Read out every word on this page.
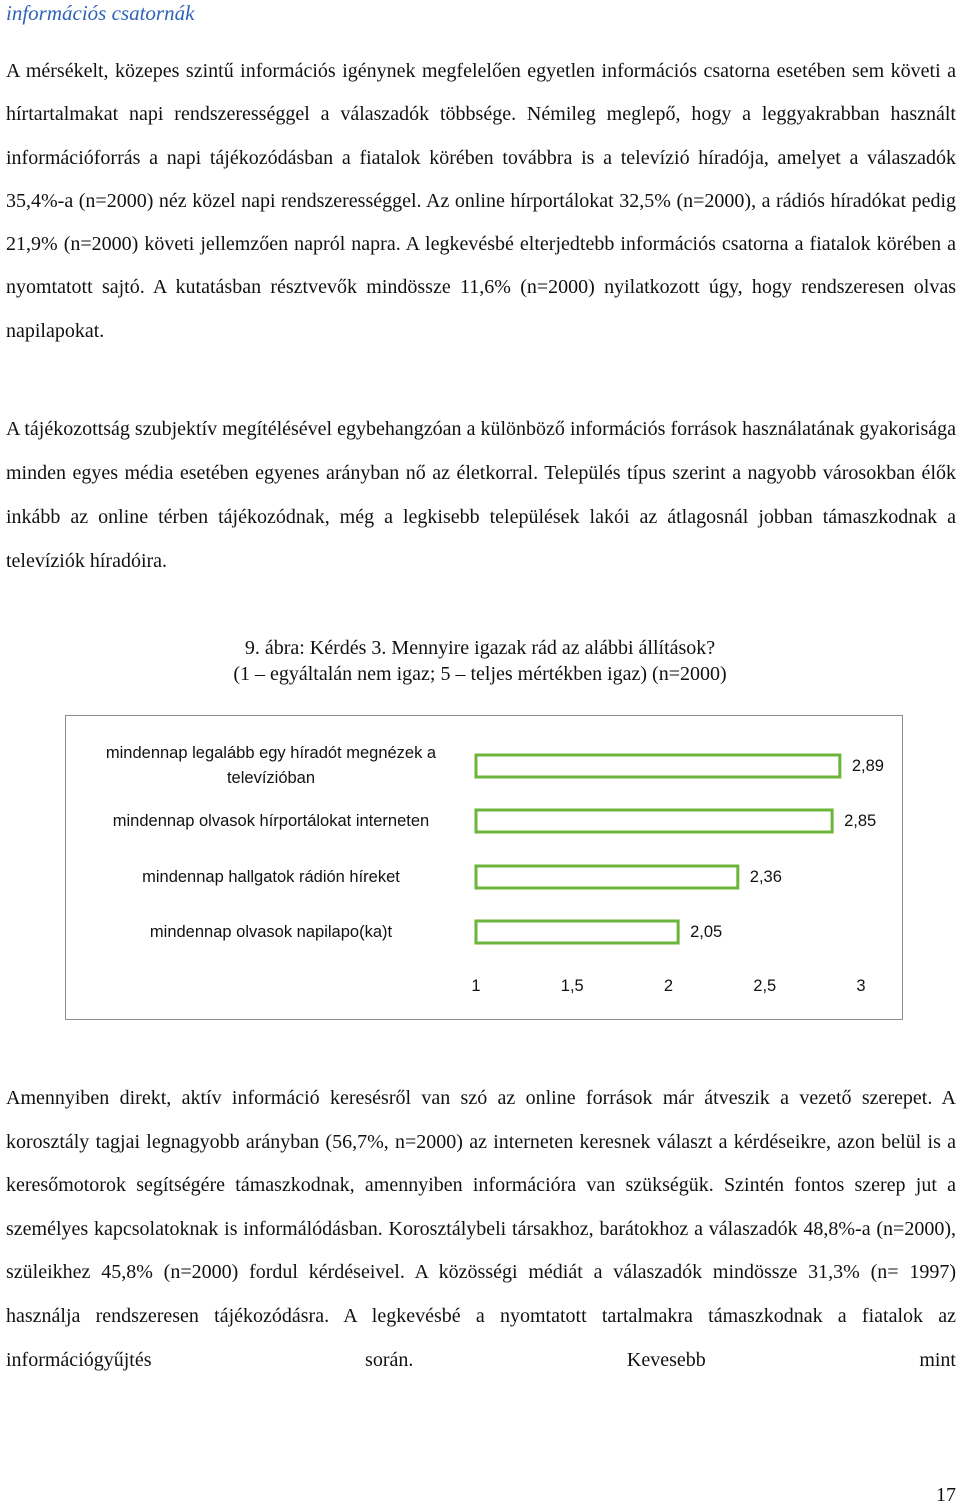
információs csatornák

A mérsékelt, közepes szintű információs igénynek megfelelően egyetlen információs csatorna esetében sem követi a hírtartalmakat napi rendszerességgel a válaszadók többsége. Némileg meglepő, hogy a leggyakrabban használt információforrás a napi tájékozódásban a fiatalok körében továbbra is a televízió híradója, amelyet a válaszadók 35,4%-a (n=2000) néz közel napi rendszerességgel. Az online hírportálokat 32,5% (n=2000), a rádiós híradókat pedig 21,9% (n=2000) követi jellemzően napról napra. A legkevésbé elterjedtebb információs csatorna a fiatalok körében a nyomtatott sajtó. A kutatásban résztvevők mindössze 11,6% (n=2000) nyilatkozott úgy, hogy rendszeresen olvas napilapokat.

A tájékozottság szubjektív megítélésével egybehangzóan a különböző információs források használatának gyakorisága minden egyes média esetében egyenes arányban nő az életkorral. Település típus szerint a nagyobb városokban élők inkább az online térben tájékozódnak, még a legkisebb települések lakói az átlagosnál jobban támaszkodnak a televíziók híradóira.

9. ábra: Kérdés 3. Mennyire igazak rád az alábbi állítások?
(1 – egyáltalán nem igaz; 5 – teljes mértékben igaz) (n=2000)
mindennap legalább egy híradót megnézek a televízióban
2,89
mindennap olvasok hírportálokat interneten	2,85
mindennap hallgatok rádión híreket	2,36
mindennap olvasok napilapo(ka)t	2,05
1	1,5	2	2,5	3

Amennyiben direkt, aktív információ keresésről van szó az online források már átveszik a vezető szerepet. A korosztály tagjai legnagyobb arányban (56,7%, n=2000) az interneten keresnek választ a kérdéseikre, azon belül is a keresőmotorok segítségére támaszkodnak, amennyiben információra van szükségük. Szintén fontos szerep jut a személyes kapcsolatoknak is informálódásban. Korosztálybeli társakhoz, barátokhoz a válaszadók 48,8%-a (n=2000), szüleikhez 45,8% (n=2000) fordul kérdéseivel. A közösségi médiát a válaszadók mindössze 31,3% (n= 1997) használja rendszeresen tájékozódásra. A legkevésbé a nyomtatott tartalmakra támaszkodnak a fiatalok az információgyűjtés során. Kevesebb mint

17
